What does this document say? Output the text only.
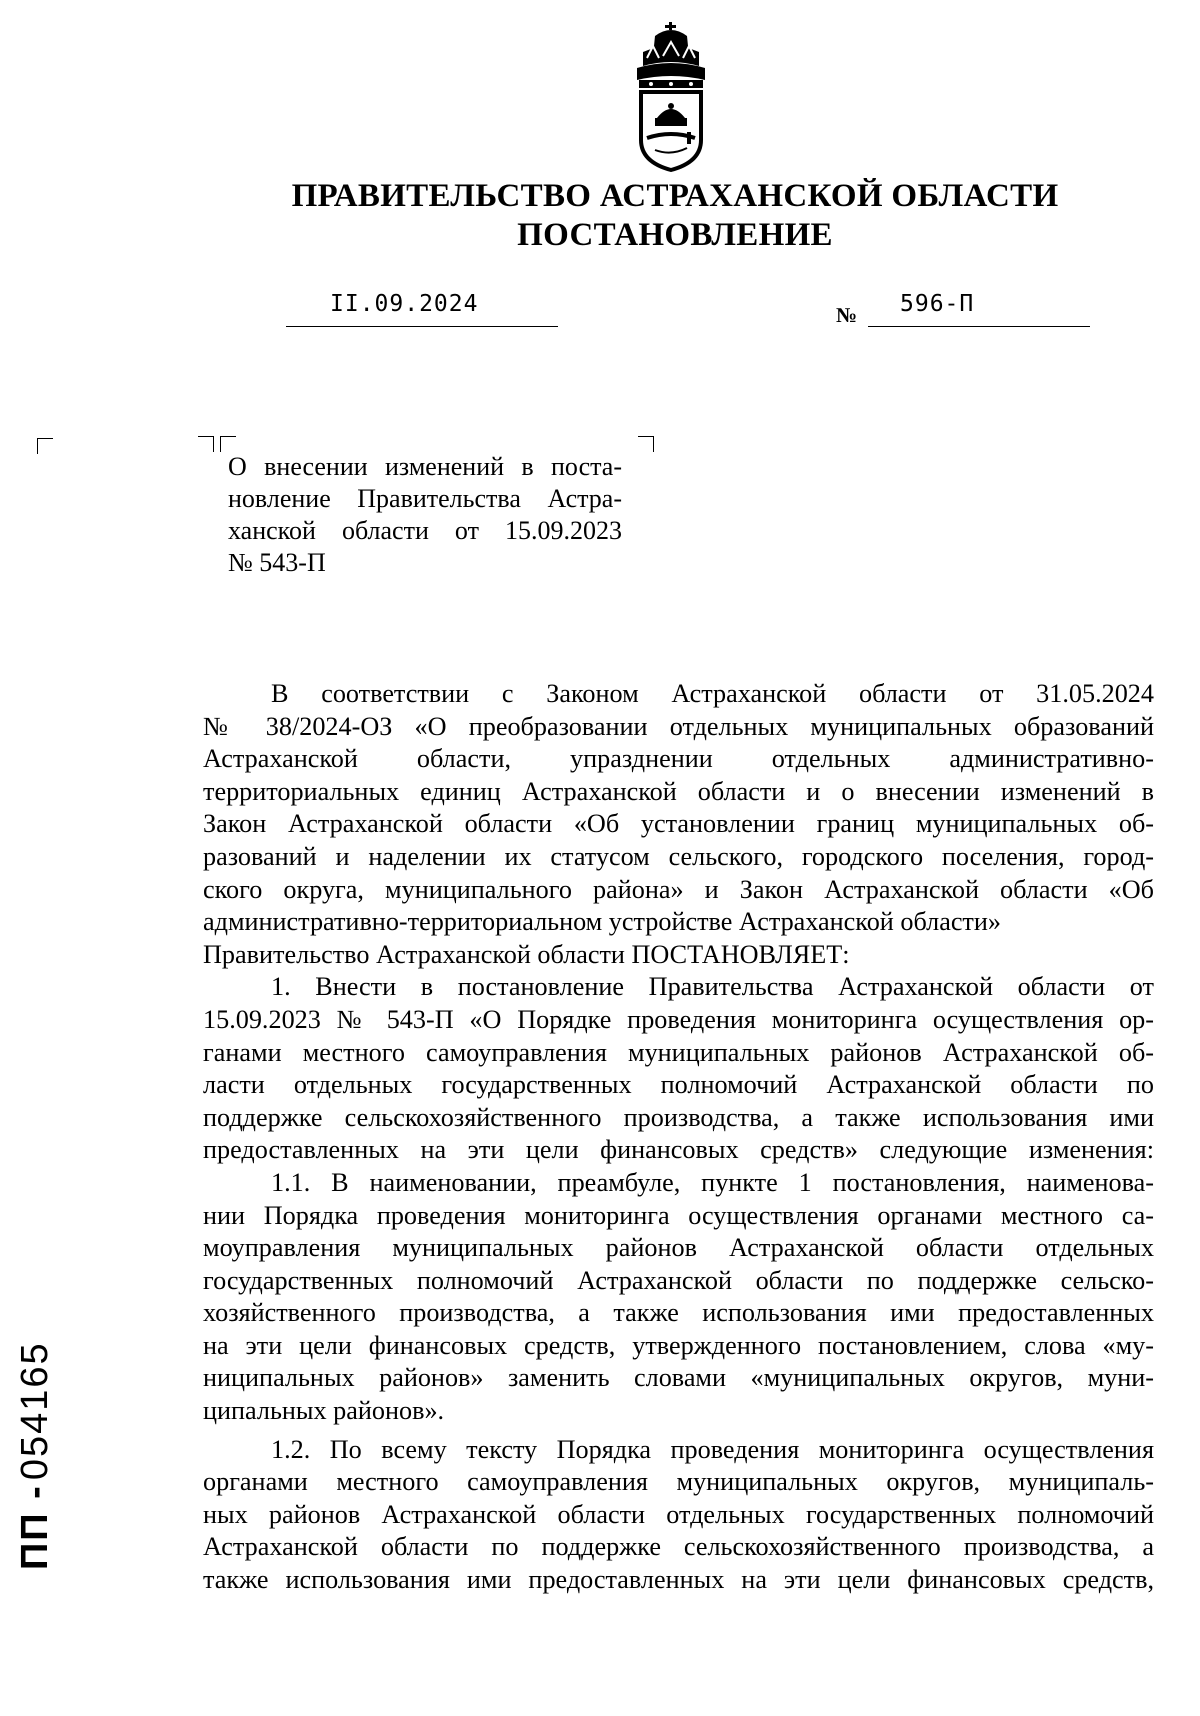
ПРАВИТЕЛЬСТВО АСТРАХАНСКОЙ ОБЛАСТИ
ПОСТАНОВЛЕНИЕ
II.09.2024	№ 596-П
О внесении изменений в поста-
новление Правительства Астра-
ханской области от 15.09.2023
№ 543-П
В соответствии с Законом Астраханской области от 31.05.2024
№ 38/2024-ОЗ «О преобразовании отдельных муниципальных образований
Астраханской области, упразднении отдельных административно-
территориальных единиц Астраханской области и о внесении изменений в
Закон Астраханской области «Об установлении границ муниципальных об-
разований и наделении их статусом сельского, городского поселения, город-
ского округа, муниципального района» и Закон Астраханской области «Об
административно-территориальном устройстве Астраханской области»
Правительство Астраханской области ПОСТАНОВЛЯЕТ:
1. Внести в постановление Правительства Астраханской области от
15.09.2023 № 543-П «О Порядке проведения мониторинга осуществления ор-
ганами местного самоуправления муниципальных районов Астраханской об-
ласти отдельных государственных полномочий Астраханской области по
поддержке сельскохозяйственного производства, а также использования ими
предоставленных на эти цели финансовых средств» следующие изменения:
1.1. В наименовании, преамбуле, пункте 1 постановления, наименова-
нии Порядка проведения мониторинга осуществления органами местного са-
моуправления муниципальных районов Астраханской области отдельных
государственных полномочий Астраханской области по поддержке сельско-
хозяйственного производства, а также использования ими предоставленных
на эти цели финансовых средств, утвержденного постановлением, слова «му-
ниципальных районов» заменить словами «муниципальных округов, муни-
ципальных районов».
1.2. По всему тексту Порядка проведения мониторинга осуществления
органами местного самоуправления муниципальных округов, муниципаль-
ных районов Астраханской области отдельных государственных полномочий
Астраханской области по поддержке сельскохозяйственного производства, а
также использования ими предоставленных на эти цели финансовых средств,
ПП - 054165
